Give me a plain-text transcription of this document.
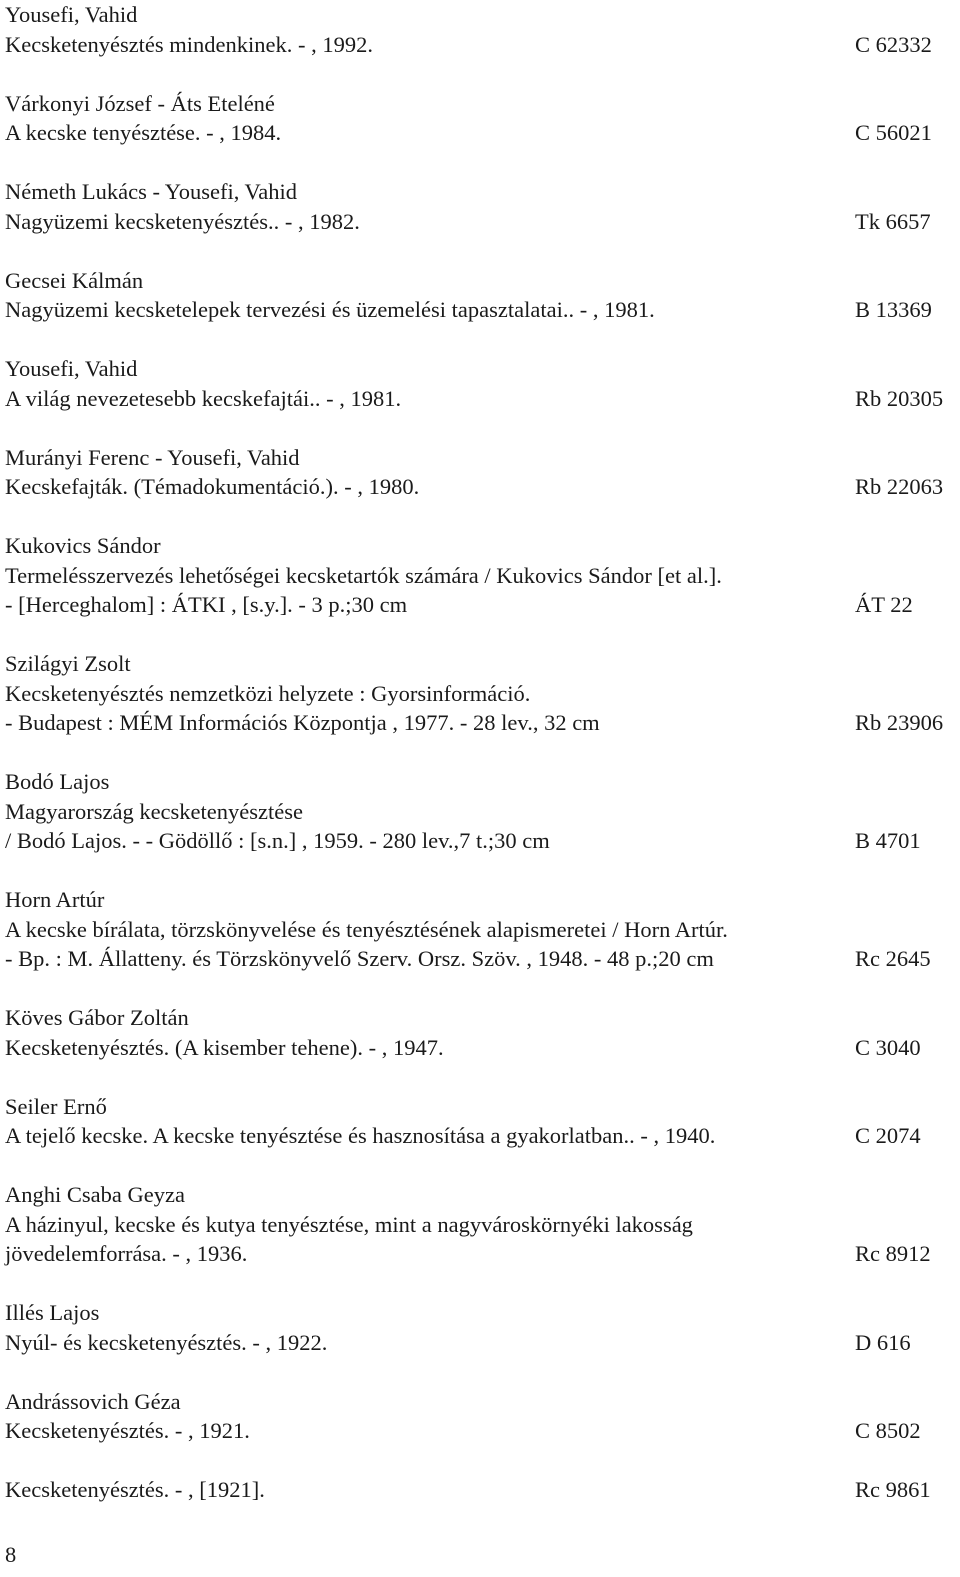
Yousefi, Vahid
Kecsketenyésztés mindenkinek. - , 1992.	C 62332
Várkonyi József - Áts Eteléné
A kecske tenyésztése. - , 1984.	C 56021
Németh Lukács - Yousefi, Vahid
Nagyüzemi kecsketenyésztés.. - , 1982.	Tk 6657
Gecsei Kálmán
Nagyüzemi kecsketelepek tervezési és üzemelési tapasztalatai.. - , 1981.	B 13369
Yousefi, Vahid
A világ nevezetesebb kecskefajtái.. - , 1981.	Rb 20305
Murányi Ferenc - Yousefi, Vahid
Kecskefajták. (Témadokumentáció.). - , 1980.	Rb 22063
Kukovics Sándor
Termelésszervezés lehetőségei kecsketartók számára / Kukovics Sándor [et al.].
- [Herceghalom] : ÁTKI , [s.y.]. - 3 p.;30 cm	ÁT 22
Szilágyi Zsolt
Kecsketenyésztés nemzetközi helyzete : Gyorsinformáció.
- Budapest : MÉM Információs Központja , 1977. - 28 lev., 32 cm	Rb 23906
Bodó Lajos
Magyarország kecsketenyésztése
/ Bodó Lajos. - - Gödöllő : [s.n.] , 1959. - 280 lev.,7 t.;30 cm	B 4701
Horn Artúr
A kecske bírálata, törzskönyvelése és tenyésztésének alapismeretei / Horn Artúr.
- Bp. : M. Állatteny. és Törzskönyvelő Szerv. Orsz. Szöv. , 1948. - 48 p.;20 cm	Rc 2645
Köves Gábor Zoltán
Kecsketenyésztés. (A kisember tehene). - , 1947.	C 3040
Seiler Ernő
A tejelő kecske. A kecske tenyésztése és hasznosítása a gyakorlatban.. - , 1940.	C 2074
Anghi Csaba Geyza
A házinyul, kecske és kutya tenyésztése, mint a nagyvároskörnyéki lakosság
jövedelemforrása. - , 1936.	Rc 8912
Illés Lajos
Nyúl- és kecsketenyésztés. - , 1922.	D 616
Andrássovich Géza
Kecsketenyésztés. - , 1921.	C 8502
Kecsketenyésztés. - , [1921].	Rc 9861
8
